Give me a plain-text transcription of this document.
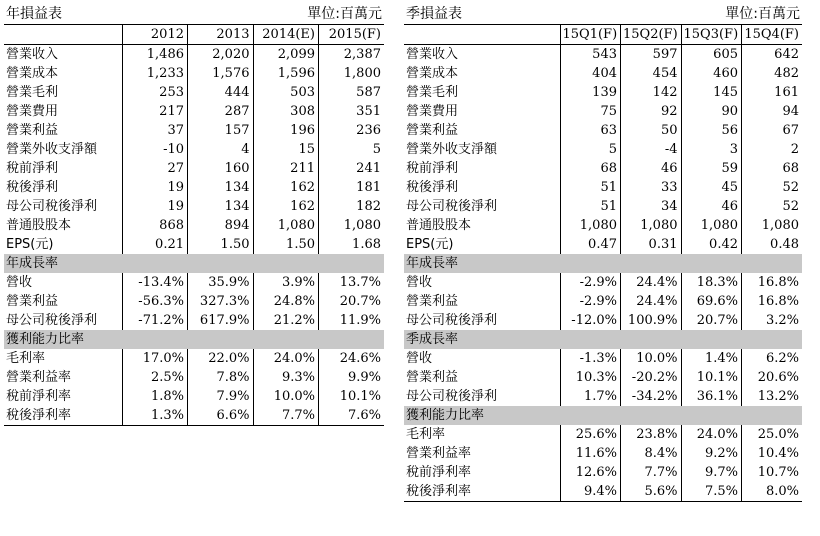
年損益表	單位:百萬元
	2012	2013	2014(E)	2015(F)
營業收入	1,486	2,020	2,099	2,387
營業成本	1,233	1,576	1,596	1,800
營業毛利	253	444	503	587
營業費用	217	287	308	351
營業利益	37	157	196	236
營業外收支淨額	-10	4	15	5
稅前淨利	27	160	211	241
稅後淨利	19	134	162	181
母公司稅後淨利	19	134	162	182
普通股股本	868	894	1,080	1,080
EPS(元)	0.21	1.50	1.50	1.68
年成長率				
營收	-13.4%	35.9%	3.9%	13.7%
營業利益	-56.3%	327.3%	24.8%	20.7%
母公司稅後淨利	-71.2%	617.9%	21.2%	11.9%
獲利能力比率				
毛利率	17.0%	22.0%	24.0%	24.6%
營業利益率	2.5%	7.8%	9.3%	9.9%
稅前淨利率	1.8%	7.9%	10.0%	10.1%
稅後淨利率	1.3%	6.6%	7.7%	7.6%
季損益表	單位:百萬元
	15Q1(F)	15Q2(F)	15Q3(F)	15Q4(F)
營業收入	543	597	605	642
營業成本	404	454	460	482
營業毛利	139	142	145	161
營業費用	75	92	90	94
營業利益	63	50	56	67
營業外收支淨額	5	-4	3	2
稅前淨利	68	46	59	68
稅後淨利	51	33	45	52
母公司稅後淨利	51	34	46	52
普通股股本	1,080	1,080	1,080	1,080
EPS(元)	0.47	0.31	0.42	0.48
年成長率				
營收	-2.9%	24.4%	18.3%	16.8%
營業利益	-2.9%	24.4%	69.6%	16.8%
母公司稅後淨利	-12.0%	100.9%	20.7%	3.2%
季成長率				
營收	-1.3%	10.0%	1.4%	6.2%
營業利益	10.3%	-20.2%	10.1%	20.6%
母公司稅後淨利	1.7%	-34.2%	36.1%	13.2%
獲利能力比率				
毛利率	25.6%	23.8%	24.0%	25.0%
營業利益率	11.6%	8.4%	9.2%	10.4%
稅前淨利率	12.6%	7.7%	9.7%	10.7%
稅後淨利率	9.4%	5.6%	7.5%	8.0%
